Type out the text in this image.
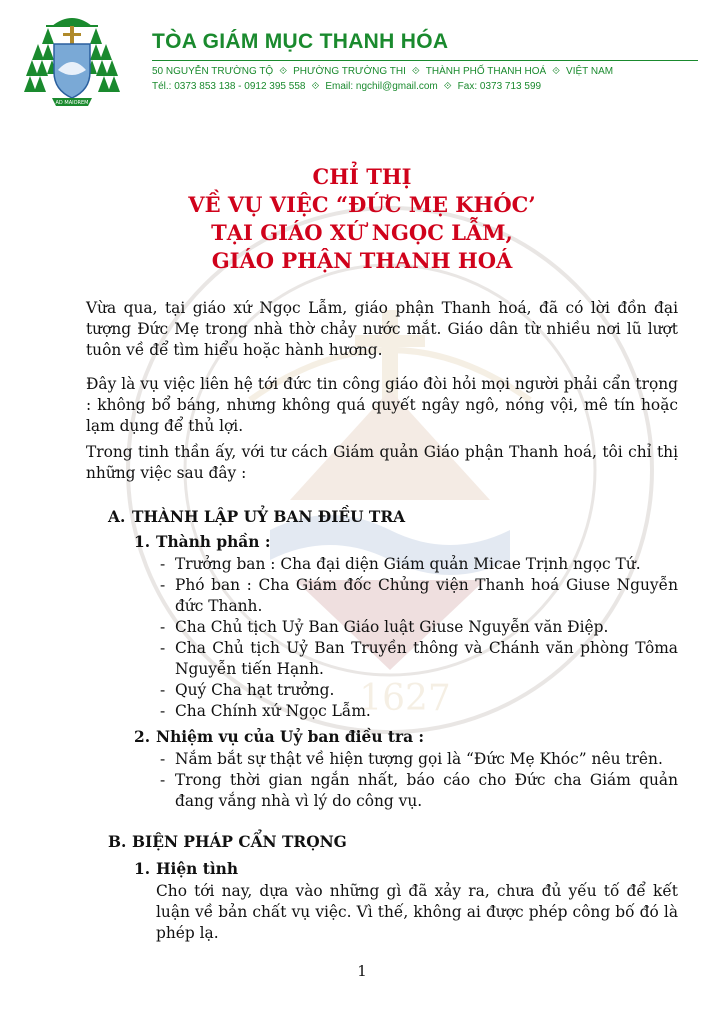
AD MAIOREM
TÒA GIÁM MỤC THANH HÓA
50 NGUYỄN TRƯỜNG TỘ ⟐ PHƯỜNG TRƯỜNG THI ⟐ THÀNH PHỐ THANH HOÁ ⟐ VIỆT NAM
Tél.: 0373 853 138 - 0912 395 558 ⟐ Email: ngchil@gmail.com ⟐ Fax: 0373 713 599
1627
CHỈ THỊ
VỀ VỤ VIỆC “ĐỨC MẸ KHÓC’
TẠI GIÁO XỨ NGỌC LẪM,
GIÁO PHẬN THANH HOÁ
Vừa qua, tại giáo xứ Ngọc Lẫm, giáo phận Thanh hoá, đã có lời đồn đại tượng Đức Mẹ trong nhà thờ chảy nước mắt. Giáo dân từ nhiều nơi lũ lượt tuôn về để tìm hiểu hoặc hành hương.
Đây là vụ việc liên hệ tới đức tin công giáo đòi hỏi mọi người phải cẩn trọng : không bổ báng, nhưng không quá quyết ngây ngô, nóng vội, mê tín hoặc lạm dụng để thủ lợi.
Trong tinh thần ấy, với tư cách Giám quản Giáo phận Thanh hoá, tôi chỉ thị những việc sau đây :
A. THÀNH LẬP UỶ BAN ĐIỀU TRA
1. Thành phần :
- Trưởng ban : Cha đại diện Giám quản Micae Trịnh ngọc Tứ.
- Phó ban : Cha Giám đốc Chủng viện Thanh hoá Giuse Nguyễn đức Thanh.
- Cha Chủ tịch Uỷ Ban Giáo luật Giuse Nguyễn văn Điệp.
- Cha Chủ tịch Uỷ Ban Truyền thông và Chánh văn phòng Tôma Nguyễn tiến Hạnh.
- Quý Cha hạt trưởng.
- Cha Chính xứ Ngọc Lẫm.
2. Nhiệm vụ của Uỷ ban điều tra :
- Nắm bắt sự thật về hiện tượng gọi là “Đức Mẹ Khóc” nêu trên.
- Trong thời gian ngắn nhất, báo cáo cho Đức cha Giám quản đang vắng nhà vì lý do công vụ.
B. BIỆN PHÁP CẨN TRỌNG
1. Hiện tình
Cho tới nay, dựa vào những gì đã xảy ra, chưa đủ yếu tố để kết luận về bản chất vụ việc. Vì thế, không ai được phép công bố đó là phép lạ.
1
